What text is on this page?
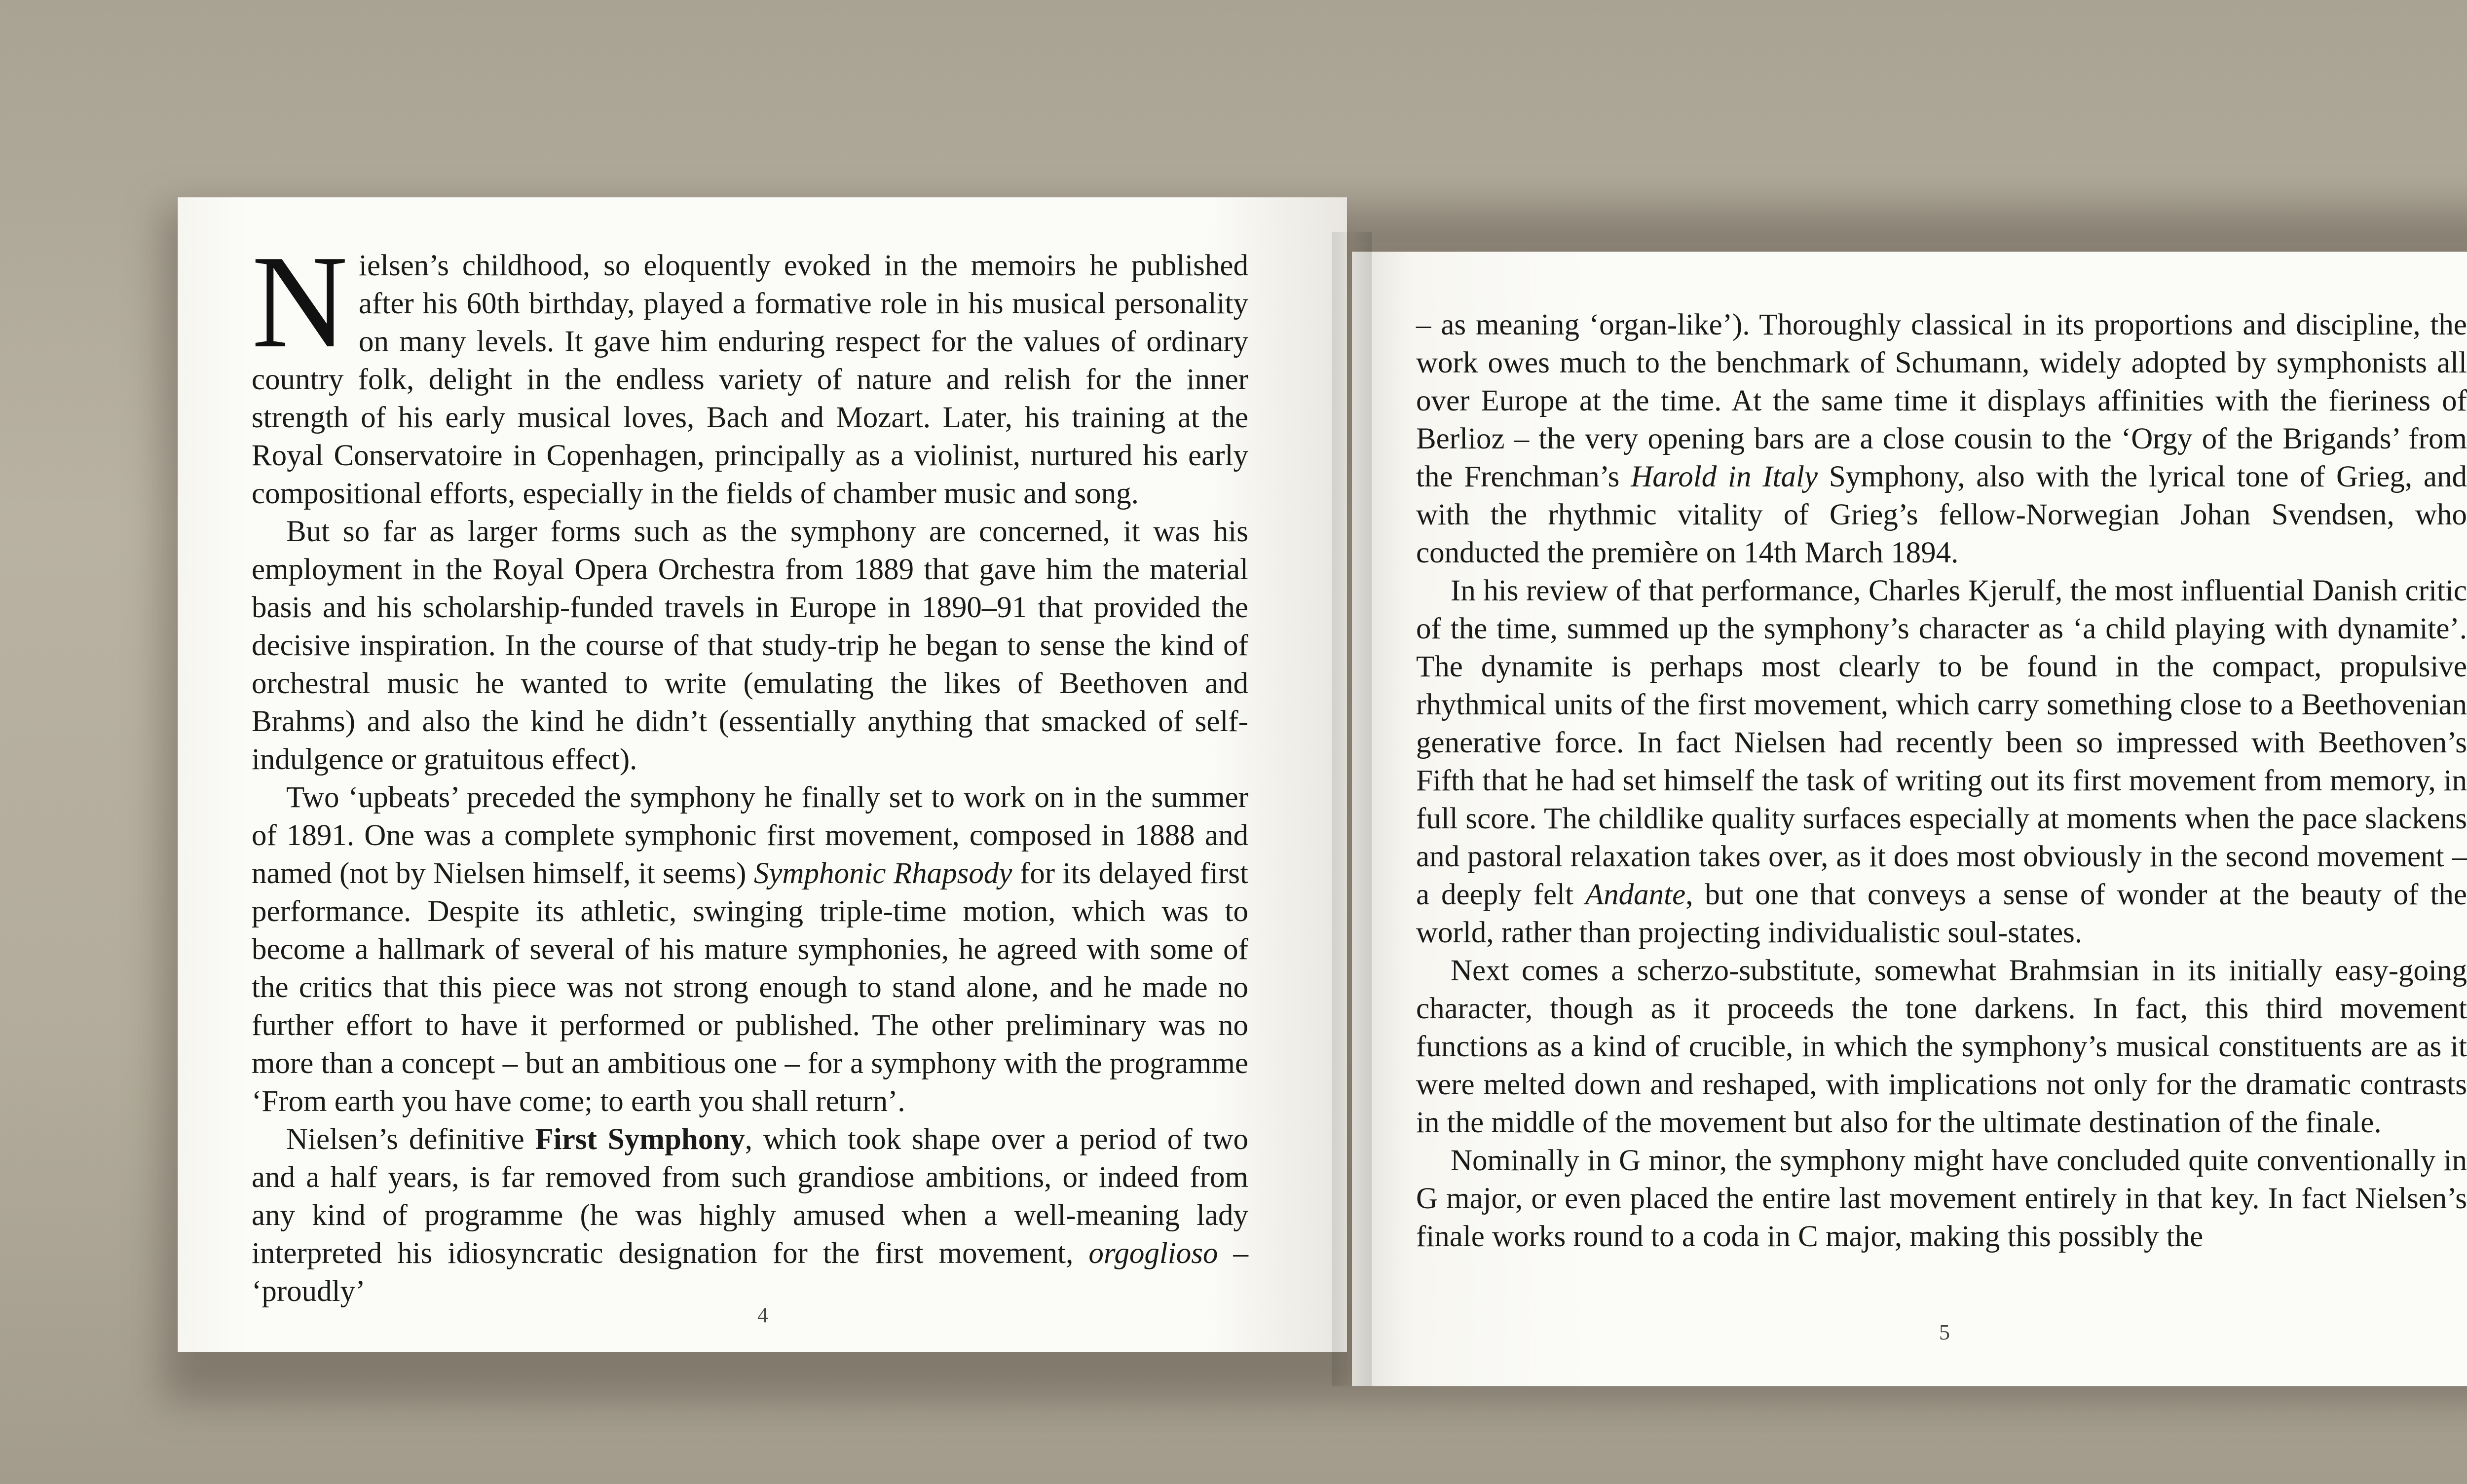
Nielsen’s childhood, so eloquently evoked in the memoirs he published after his 60th birthday, played a formative role in his musical personality on many levels. It gave him enduring respect for the values of ordinary country folk, delight in the endless variety of nature and relish for the inner strength of his early musical loves, Bach and Mozart. Later, his training at the Royal Conservatoire in Copenhagen, principally as a violinist, nurtured his early compositional efforts, especially in the fields of chamber music and song.

But so far as larger forms such as the symphony are concerned, it was his employment in the Royal Opera Orchestra from 1889 that gave him the material basis and his scholarship-funded travels in Europe in 1890–91 that provided the decisive inspiration. In the course of that study-trip he began to sense the kind of orchestral music he wanted to write (emulating the likes of Beethoven and Brahms) and also the kind he didn’t (essentially anything that smacked of self-indulgence or gratuitous effect).

Two ‘upbeats’ preceded the symphony he finally set to work on in the summer of 1891. One was a complete symphonic first movement, composed in 1888 and named (not by Nielsen himself, it seems) Symphonic Rhapsody for its delayed first performance. Despite its athletic, swinging triple-time motion, which was to become a hallmark of several of his mature symphonies, he agreed with some of the critics that this piece was not strong enough to stand alone, and he made no further effort to have it performed or published. The other preliminary was no more than a concept – but an ambitious one – for a symphony with the programme ‘From earth you have come; to earth you shall return’.

Nielsen’s definitive First Symphony, which took shape over a period of two and a half years, is far removed from such grandiose ambitions, or indeed from any kind of programme (he was highly amused when a well-meaning lady interpreted his idiosyncratic designation for the first movement, orgoglioso – ‘proudly’

4

– as meaning ‘organ-like’). Thoroughly classical in its proportions and discipline, the work owes much to the benchmark of Schumann, widely adopted by symphonists all over Europe at the time. At the same time it displays affinities with the fieriness of Berlioz – the very opening bars are a close cousin to the ‘Orgy of the Brigands’ from the Frenchman’s Harold in Italy Symphony, also with the lyrical tone of Grieg, and with the rhythmic vitality of Grieg’s fellow-Norwegian Johan Svendsen, who conducted the première on 14th March 1894.

In his review of that performance, Charles Kjerulf, the most influential Danish critic of the time, summed up the symphony’s character as ‘a child playing with dynamite’. The dynamite is perhaps most clearly to be found in the compact, propulsive rhythmical units of the first movement, which carry something close to a Beethovenian generative force. In fact Nielsen had recently been so impressed with Beethoven’s Fifth that he had set himself the task of writing out its first movement from memory, in full score. The childlike quality surfaces especially at moments when the pace slackens and pastoral relaxation takes over, as it does most obviously in the second movement – a deeply felt Andante, but one that conveys a sense of wonder at the beauty of the world, rather than projecting individualistic soul-states.

Next comes a scherzo-substitute, somewhat Brahmsian in its initially easy-going character, though as it proceeds the tone darkens. In fact, this third movement functions as a kind of crucible, in which the symphony’s musical constituents are as it were melted down and reshaped, with implications not only for the dramatic contrasts in the middle of the movement but also for the ultimate destination of the finale.

Nominally in G minor, the symphony might have concluded quite conventionally in G major, or even placed the entire last movement entirely in that key. In fact Nielsen’s finale works round to a coda in C major, making this possibly the

5
